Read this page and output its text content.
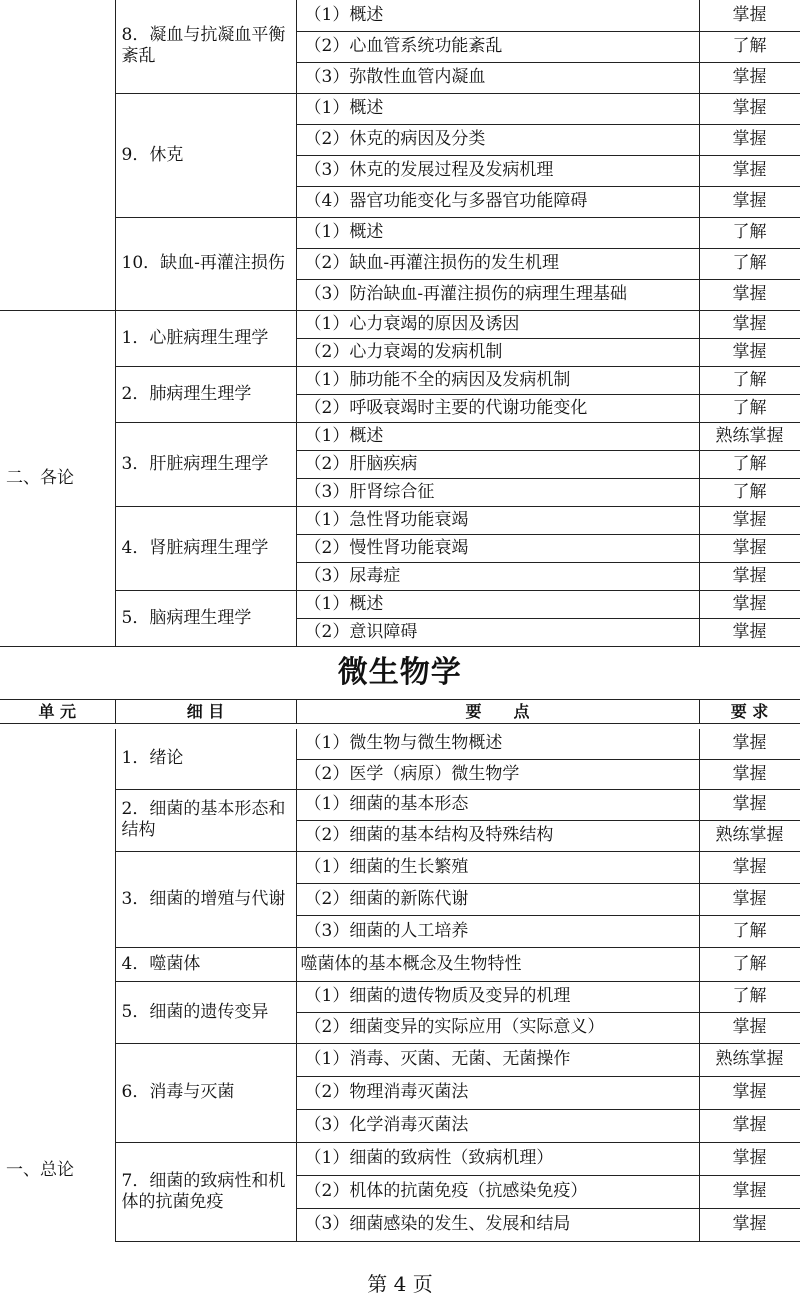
	8．凝血与抗凝血平衡紊乱	（1）概述	掌握
		（2）心血管系统功能紊乱	了解
		（3）弥散性血管内凝血	掌握
	9．休克	（1）概述	掌握
		（2）休克的病因及分类	掌握
		（3）休克的发展过程及发病机理	掌握
		（4）器官功能变化与多器官功能障碍	掌握
	10．缺血-再灌注损伤	（1）概述	了解
		（2）缺血-再灌注损伤的发生机理	了解
		（3）防治缺血-再灌注损伤的病理生理基础	掌握
二、各论	1．心脏病理生理学	（1）心力衰竭的原因及诱因	掌握
		（2）心力衰竭的发病机制	掌握
	2．肺病理生理学	（1）肺功能不全的病因及发病机制	了解
		（2）呼吸衰竭时主要的代谢功能变化	了解
	3．肝脏病理生理学	（1）概述	熟练掌握
		（2）肝脑疾病	了解
		（3）肝肾综合征	了解
	4．肾脏病理生理学	（1）急性肾功能衰竭	掌握
		（2）慢性肾功能衰竭	掌握
		（3）尿毒症	掌握
	5．脑病理生理学	（1）概述	掌握
		（2）意识障碍	掌握
微生物学			
单 元	细 目	要　　点	要 求
一、总论	1．绪论	（1）微生物与微生物概述	掌握
		（2）医学（病原）微生物学	掌握
	2．细菌的基本形态和结构	（1）细菌的基本形态	掌握
		（2）细菌的基本结构及特殊结构	熟练掌握
	3．细菌的增殖与代谢	（1）细菌的生长繁殖	掌握
		（2）细菌的新陈代谢	掌握
		（3）细菌的人工培养	了解
	4．噬菌体	噬菌体的基本概念及生物特性	了解
	5．细菌的遗传变异	（1）细菌的遗传物质及变异的机理	了解
		（2）细菌变异的实际应用（实际意义）	掌握
	6．消毒与灭菌	（1）消毒、灭菌、无菌、无菌操作	熟练掌握
		（2）物理消毒灭菌法	掌握
		（3）化学消毒灭菌法	掌握
	7．细菌的致病性和机体的抗菌免疫	（1）细菌的致病性（致病机理）	掌握
		（2）机体的抗菌免疫（抗感染免疫）	掌握
		（3）细菌感染的发生、发展和结局	掌握
第 4 页
